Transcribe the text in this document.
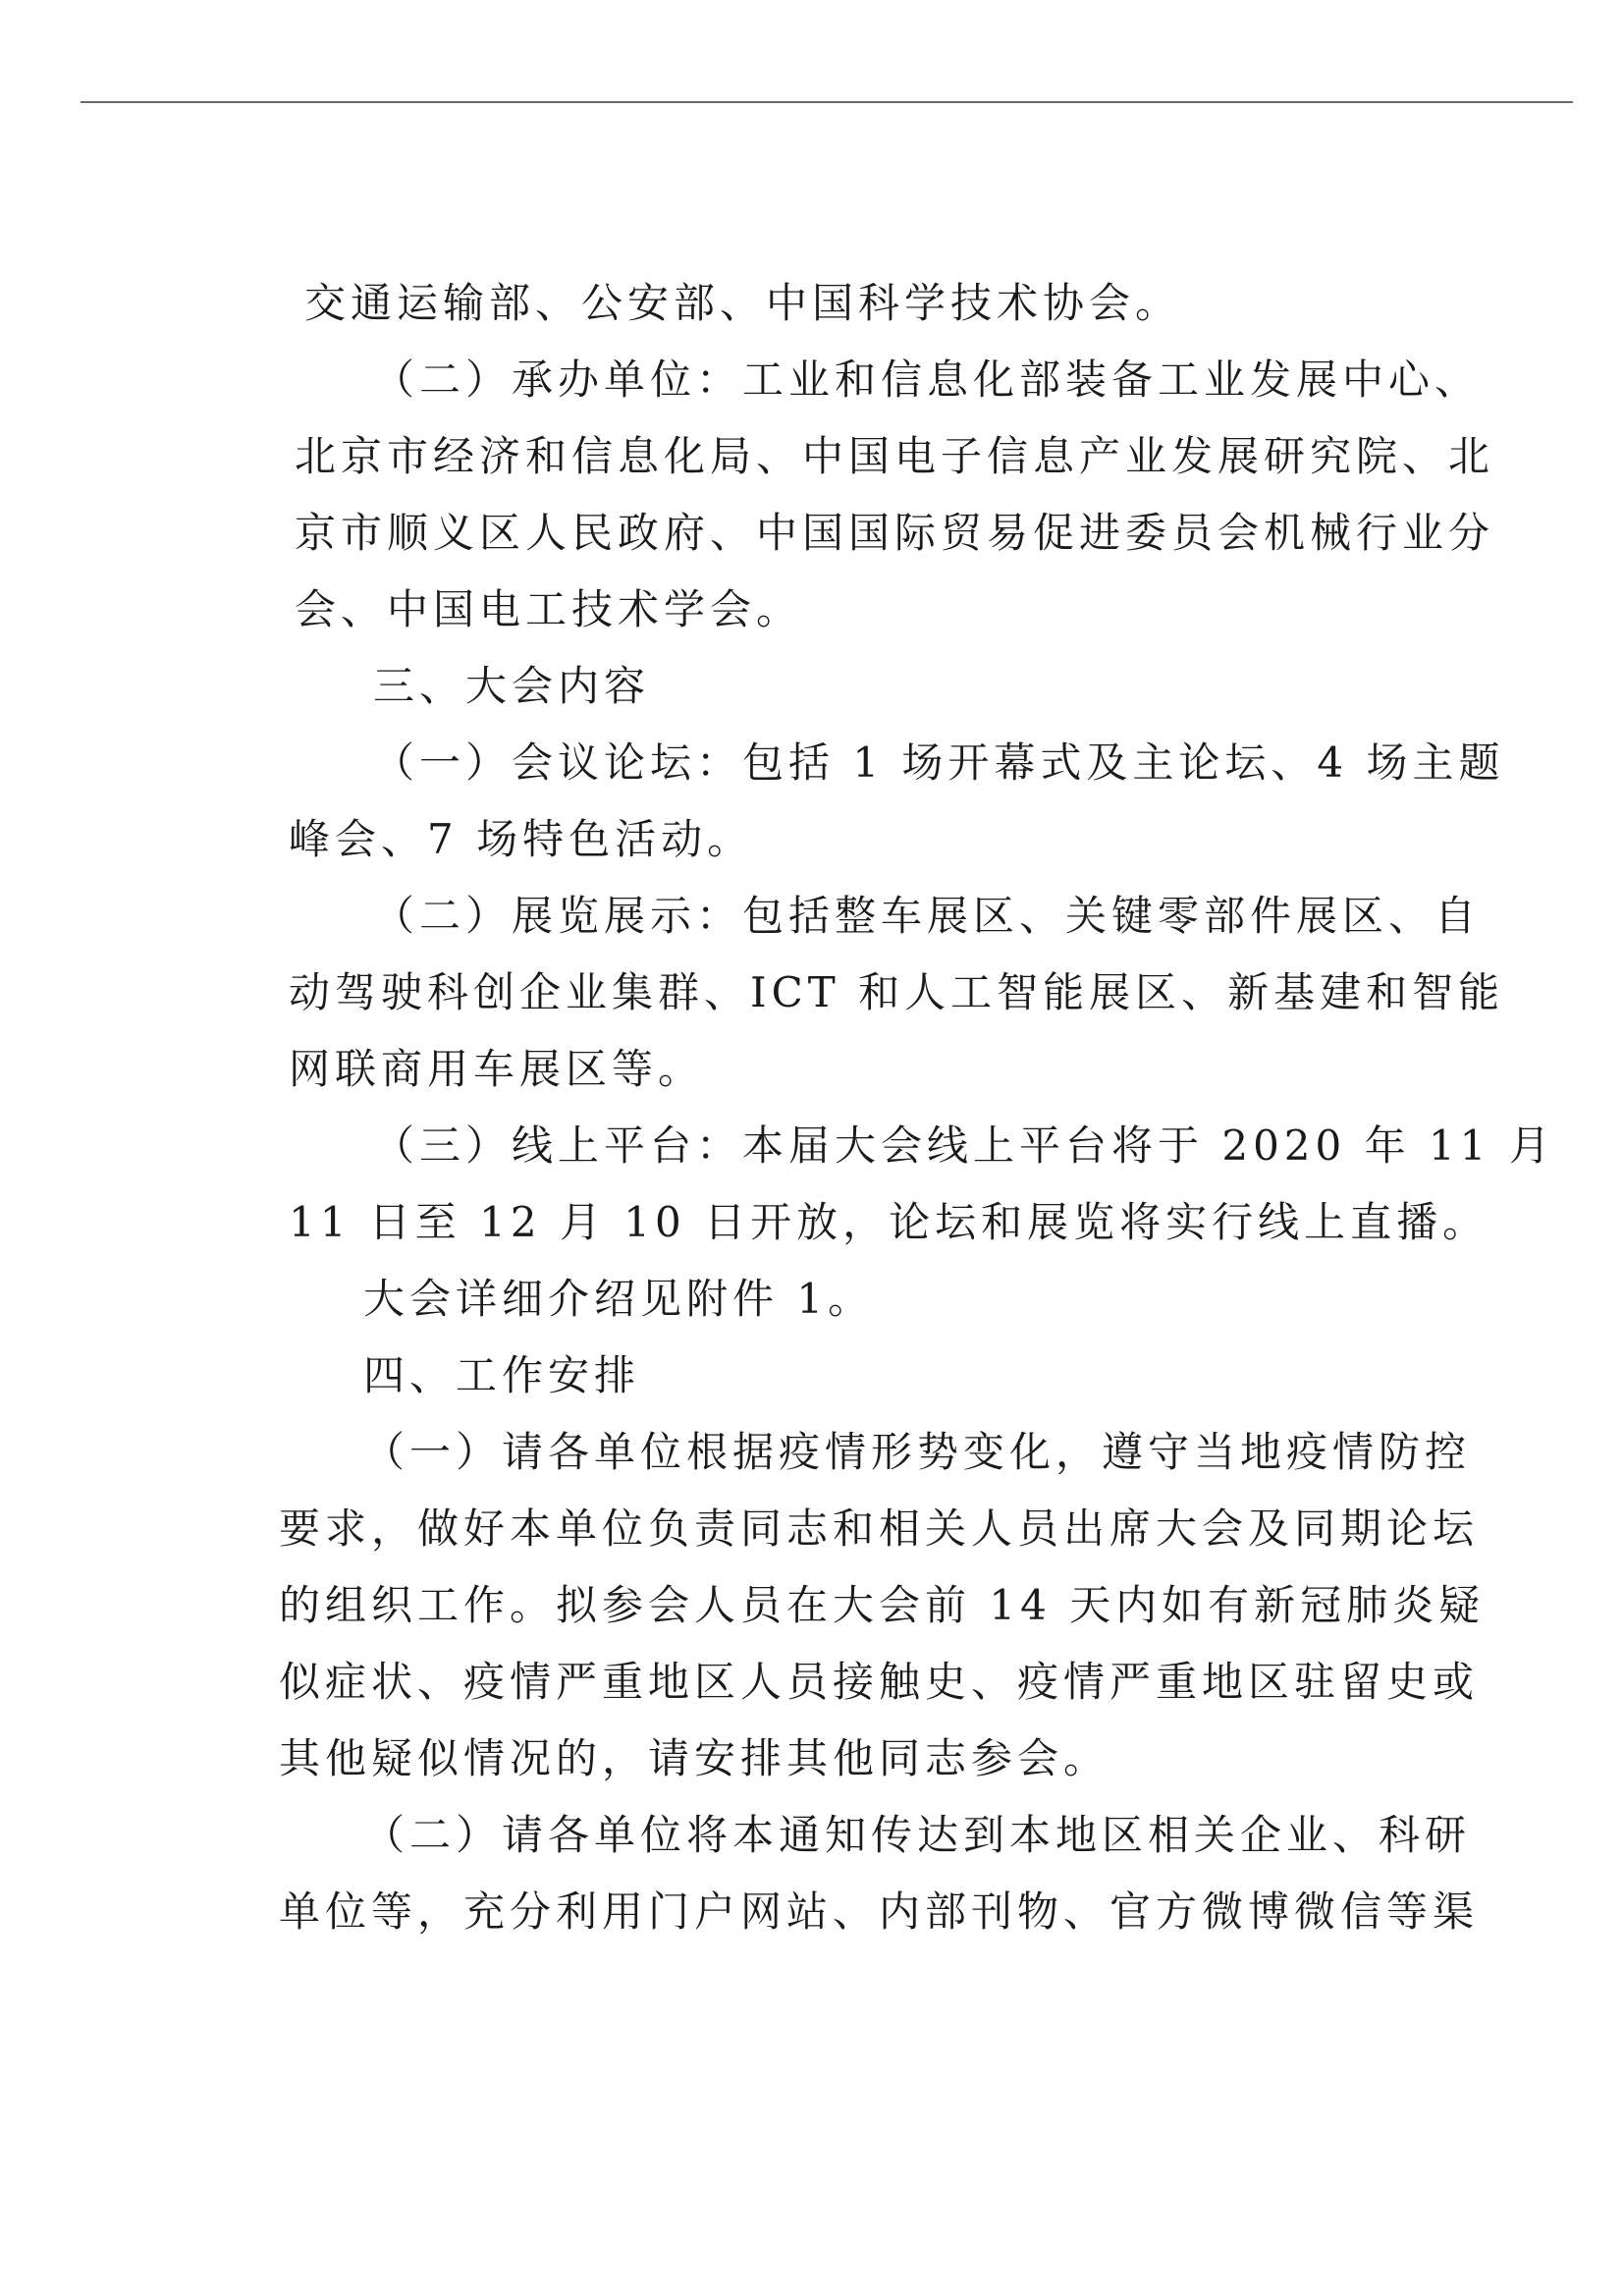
交通运输部、公安部、中国科学技术协会。
（二）承办单位：工业和信息化部装备工业发展中心、
北京市经济和信息化局、中国电子信息产业发展研究院、北
京市顺义区人民政府、中国国际贸易促进委员会机械行业分
会、中国电工技术学会。
三、大会内容
（一）会议论坛：包括 1 场开幕式及主论坛、4 场主题
峰会、7 场特色活动。
（二）展览展示：包括整车展区、关键零部件展区、自
动驾驶科创企业集群、ICT 和人工智能展区、新基建和智能
网联商用车展区等。
（三）线上平台：本届大会线上平台将于 2020 年 11 月
11 日至 12 月 10 日开放，论坛和展览将实行线上直播。
大会详细介绍见附件 1。
四、工作安排
（一）请各单位根据疫情形势变化，遵守当地疫情防控
要求，做好本单位负责同志和相关人员出席大会及同期论坛
的组织工作。拟参会人员在大会前 14 天内如有新冠肺炎疑
似症状、疫情严重地区人员接触史、疫情严重地区驻留史或
其他疑似情况的，请安排其他同志参会。
（二）请各单位将本通知传达到本地区相关企业、科研
单位等，充分利用门户网站、内部刊物、官方微博微信等渠
